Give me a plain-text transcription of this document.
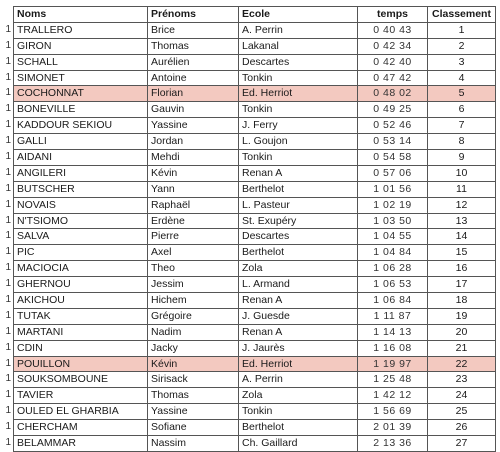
1
1
1
1
1
1
1
1
1
1
1
1
1
1
1
1
1
1
1
1
1
1
1
1
1
1
1
Noms	Prénoms	Ecole	temps	Classement
TRALLERO	Brice	A. Perrin	0 40 43	1
GIRON	Thomas	Lakanal	0 42 34	2
SCHALL	Aurélien	Descartes	0 42 40	3
SIMONET	Antoine	Tonkin	0 47 42	4
COCHONNAT	Florian	Ed. Herriot	0 48 02	5
BONEVILLE	Gauvin	Tonkin	0 49 25	6
KADDOUR SEKIOU	Yassine	J. Ferry	0 52 46	7
GALLI	Jordan	L. Goujon	0 53 14	8
AIDANI	Mehdi	Tonkin	0 54 58	9
ANGILERI	Kévin	Renan A	0 57 06	10
BUTSCHER	Yann	Berthelot	1 01 56	11
NOVAIS	Raphaël	L. Pasteur	1 02 19	12
N'TSIOMO	Erdène	St. Exupéry	1 03 50	13
SALVA	Pierre	Descartes	1 04 55	14
PIC	Axel	Berthelot	1 04 84	15
MACIOCIA	Theo	Zola	1 06 28	16
GHERNOU	Jessim	L. Armand	1 06 53	17
AKICHOU	Hichem	Renan A	1 06 84	18
TUTAK	Grégoire	J. Guesde	1 11 87	19
MARTANI	Nadim	Renan A	1 14 13	20
CDIN	Jacky	J. Jaurès	1 16 08	21
POUILLON	Kévin	Ed. Herriot	1 19 97	22
SOUKSOMBOUNE	Sirisack	A. Perrin	1 25 48	23
TAVIER	Thomas	Zola	1 42 12	24
OULED EL GHARBIA	Yassine	Tonkin	1 56 69	25
CHERCHAM	Sofiane	Berthelot	2 01 39	26
BELAMMAR	Nassim	Ch. Gaillard	2 13 36	27
